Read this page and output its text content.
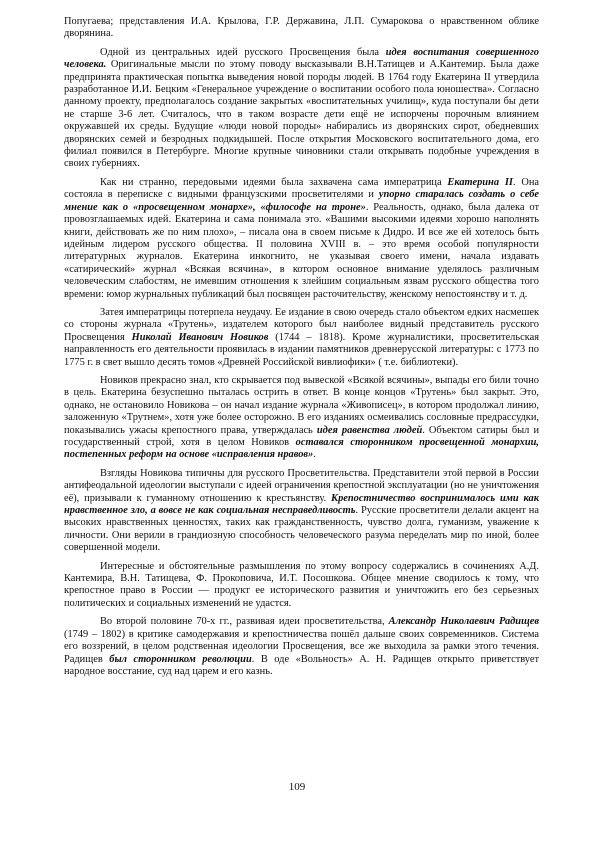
Попугаева; представления И.А. Крылова, Г.Р. Державина, Л.П. Сумарокова о нравственном облике дворянина.

Одной из центральных идей русского Просвещения была идея воспитания совершенного человека. Оригинальные мысли по этому поводу высказывали В.Н.Татищев и А.Кантемир. Была даже предпринята практическая попытка выведения новой породы людей. В 1764 году Екатерина II утвердила разработанное И.И. Бецким «Генеральное учреждение о воспитании особого пола юношества». Согласно данному проекту, предполагалось создание закрытых «воспитательных училищ», куда поступали бы дети не старше 3-6 лет. Считалось, что в таком возрасте дети ещё не испорчены порочным влиянием окружавшей их среды. Будущие «люди новой породы» набирались из дворянских сирот, обедневших дворянских семей и безродных подкидышей. После открытия Московского воспитательного дома, его филиал появился в Петербурге. Многие крупные чиновники стали открывать подобные учреждения в своих губерниях.

Как ни странно, передовыми идеями была захвачена сама императрица Екатерина II. Она состояла в переписке с видными французскими просветителями и упорно старалась создать о себе мнение как о «просвещенном монархе», «философе на троне». Реальность, однако, была далека от провозглашаемых идей. Екатерина и сама понимала это. «Вашими высокими идеями хорошо наполнять книги, действовать же по ним плохо», – писала она в своем письме к Дидро. И все же ей хотелось быть идейным лидером русского общества. II половина XVIII в. – это время особой популярности литературных журналов. Екатерина инкогнито, не указывая своего имени, начала издавать «сатирический» журнал «Всякая всячина», в котором основное внимание уделялось различным человеческим слабостям, не имевшим отношения к злейшим социальным язвам русского общества того времени: юмор журнальных публикаций был посвящен расточительству, женскому непостоянству и т. д.

Затея императрицы потерпела неудачу. Ее издание в свою очередь стало объектом едких насмешек со стороны журнала «Трутень», издателем которого был наиболее видный представитель русского Просвещения Николай Иванович Новиков (1744 – 1818). Кроме журналистики, просветительская направленность его деятельности проявилась в издании памятников древнерусской литературы: с 1773 по 1775 г. в свет вышло десять томов «Древней Российской вивлиофики» ( т.е. библиотеки).

Новиков прекрасно знал, кто скрывается под вывеской «Всякой всячины», выпады его били точно в цель. Екатерина безуспешно пыталась острить в ответ. В конце концов «Трутень» был закрыт. Это, однако, не остановило Новикова – он начал издание журнала «Живописец», в котором продолжал линию, заложенную «Трутнем», хотя уже более осторожно. В его изданиях осмеивались сословные предрассудки, показывались ужасы крепостного права, утверждалась идея равенства людей. Объектом сатиры был и государственный строй, хотя в целом Новиков оставался сторонником просвещенной монархии, постепенных реформ на основе «исправления нравов».

Взгляды Новикова типичны для русского Просветительства. Представители этой первой в России антифеодальной идеологии выступали с идеей ограничения крепостной эксплуатации (но не уничтожения её), призывали к гуманному отношению к крестьянству. Крепостничество воспринималось ими как нравственное зло, а вовсе не как социальная несправедливость. Русские просветители делали акцент на высоких нравственных ценностях, таких как гражданственность, чувство долга, гуманизм, уважение к личности. Они верили в грандиозную способность человеческого разума переделать мир по иной, более совершенной модели.

Интересные и обстоятельные размышления по этому вопросу содержались в сочинениях А.Д. Кантемира, В.Н. Татищева, Ф. Прокоповича, И.Т. Посошкова. Общее мнение сводилось к тому, что крепостное право в России — продукт ее исторического развития и уничтожить его без серьезных политических и социальных изменений не удастся.

Во второй половине 70-х гг., развивая идеи просветительства, Александр Николаевич Радищев (1749 – 1802) в критике самодержавия и крепостничества пошёл дальше своих современников. Система его воззрений, в целом родственная идеологии Просвещения, все же выходила за рамки этого течения. Радищев был сторонником революции. В оде «Вольность» А. Н. Радищев открыто приветствует народное восстание, суд над царем и его казнь.

109
